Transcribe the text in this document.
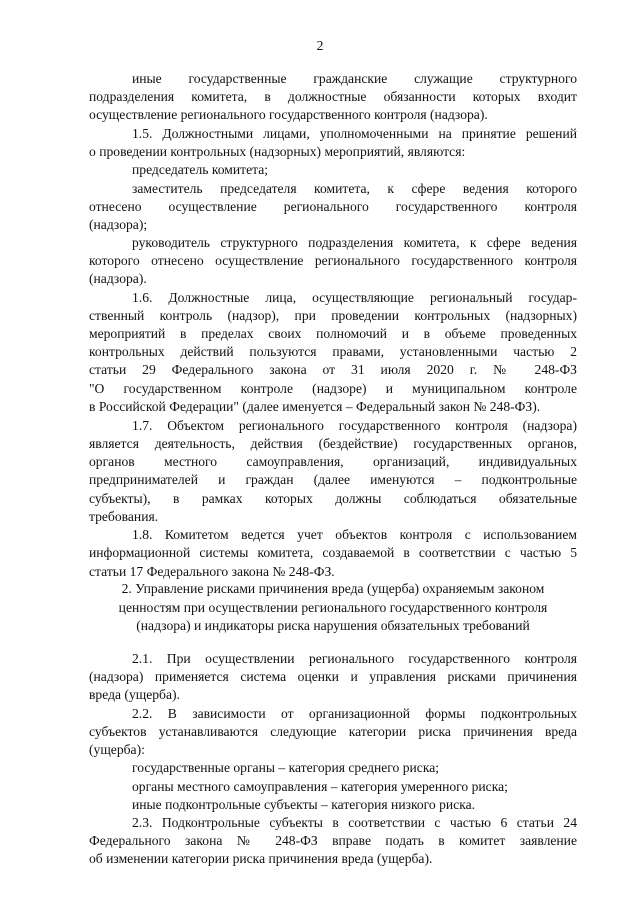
2
иные государственные гражданские служащие структурного
подразделения комитета, в должностные обязанности которых входит
осуществление регионального государственного контроля (надзора).
1.5. Должностными лицами, уполномоченными на принятие решений
о проведении контрольных (надзорных) мероприятий, являются:
председатель комитета;
заместитель председателя комитета, к сфере ведения которого
отнесено осуществление регионального государственного контроля
(надзора);
руководитель структурного подразделения комитета, к сфере ведения
которого отнесено осуществление регионального государственного контроля
(надзора).
1.6. Должностные лица, осуществляющие региональный государ-
ственный контроль (надзор), при проведении контрольных (надзорных)
мероприятий в пределах своих полномочий и в объеме проведенных
контрольных действий пользуются правами, установленными частью 2
статьи 29 Федерального закона от 31 июля 2020 г. № 248-ФЗ
"О государственном контроле (надзоре) и муниципальном контроле
в Российской Федерации" (далее именуется – Федеральный закон № 248-ФЗ).
1.7. Объектом регионального государственного контроля (надзора)
является деятельность, действия (бездействие) государственных органов,
органов местного самоуправления, организаций, индивидуальных
предпринимателей и граждан (далее именуются – подконтрольные
субъекты), в рамках которых должны соблюдаться обязательные
требования.
1.8. Комитетом ведется учет объектов контроля с использованием
информационной системы комитета, создаваемой в соответствии с частью 5
статьи 17 Федерального закона № 248-ФЗ.
2. Управление рисками причинения вреда (ущерба) охраняемым законом
ценностям при осуществлении регионального государственного контроля
(надзора) и индикаторы риска нарушения обязательных требований
2.1. При осуществлении регионального государственного контроля
(надзора) применяется система оценки и управления рисками причинения
вреда (ущерба).
2.2. В зависимости от организационной формы подконтрольных
субъектов устанавливаются следующие категории риска причинения вреда
(ущерба):
государственные органы – категория среднего риска;
органы местного самоуправления – категория умеренного риска;
иные подконтрольные субъекты – категория низкого риска.
2.3. Подконтрольные субъекты в соответствии с частью 6 статьи 24
Федерального закона № 248-ФЗ вправе подать в комитет заявление
об изменении категории риска причинения вреда (ущерба).
